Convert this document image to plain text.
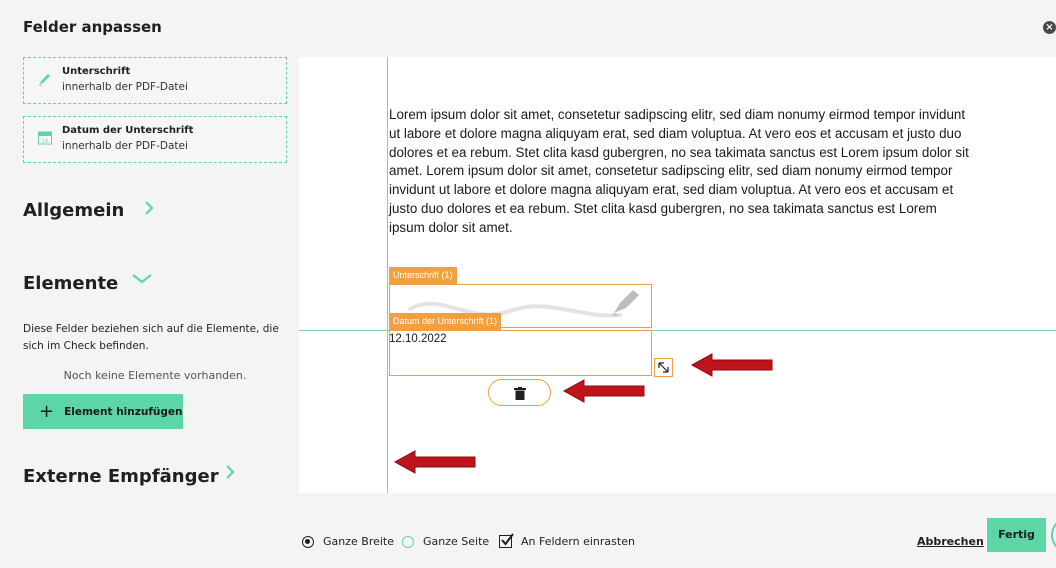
Felder anpassen	×
Unterschrift
innerhalb der PDF-Datei
16
Datum der Unterschrift
innerhalb der PDF-Datei
Allgemein
Elemente
Diese Felder beziehen sich auf die Elemente, die sich im Check befinden.
Noch keine Elemente vorhanden.
+ Element hinzufügen
Externe Empfänger
Lorem ipsum dolor sit amet, consetetur sadipscing elitr, sed diam nonumy eirmod tempor invidunt ut labore et dolore magna aliquyam erat, sed diam voluptua. At vero eos et accusam et justo duo dolores et ea rebum. Stet clita kasd gubergren, no sea takimata sanctus est Lorem ipsum dolor sit amet. Lorem ipsum dolor sit amet, consetetur sadipscing elitr, sed diam nonumy eirmod tempor invidunt ut labore et dolore magna aliquyam erat, sed diam voluptua. At vero eos et accusam et justo duo dolores et ea rebum. Stet clita kasd gubergren, no sea takimata sanctus est Lorem ipsum dolor sit amet.
Unterschrift (1)
Datum der Unterschrift (1)
12.10.2022
Ganze Breite	Ganze Seite	An Feldern einrasten	Abbrechen
Fertig
